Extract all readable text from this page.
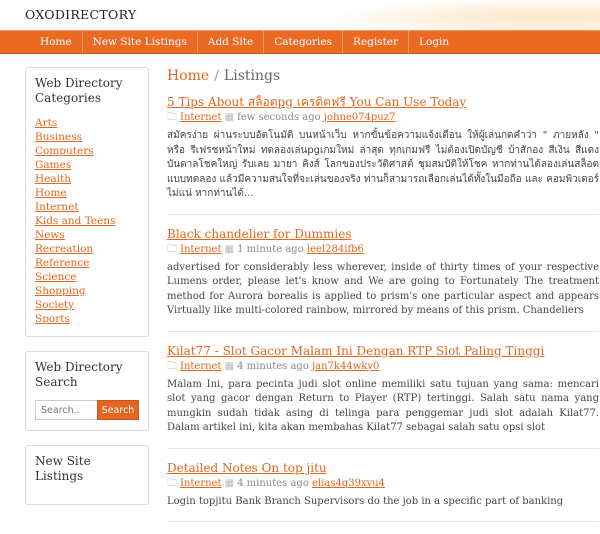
OXODIRECTORY
Home	New Site Listings	Add Site	Categories	Register	Login
Web Directory Categories
Arts
Business
Computers
Games
Health
Home
Internet
Kids and Teens
News
Recreation
Reference
Science
Shopping
Society
Sports
Web Directory Search
Search..
Search
New Site Listings
Home / Listings
5 Tips About สล็อตpg เครดิตฟรี You Can Use Today
🗀 Internet ▦ few seconds ago johne074puz7
สมัครง่าย ผ่านระบบอัตโนมัติ บนหน้าเว็บ หากขั้นข้อความแจ้งเตือน ให้ผู้เล่นกดคำว่า " ภายหลัง " หรือ รีเฟรชหน้าใหม่ ทดลองเล่นpgเกมใหม่ ล่าสุด ทุกเกมฟรี ไม่ต้องเปิดบัญชี บ้าสักอง สีเงิน สีแดง บันดาลโชคใหญ่ รับเลย มายา คิงส์ โลกของประวัติศาสต์ ชุมสมบัติให้โชค หากท่านได้ลองเล่นสล็อต แบบทดลอง แล้วมีความสนใจที่จะเล่นของจริง ท่านก็สามารถเลือกเล่นได้ทั้งในมือถือ และ คอมพิวเตอร์ ไม่แน่ หากท่านได้...
Black chandelier for Dummies
🗀 Internet ▦ 1 minute ago leel284ifb6
advertised for considerably less wherever, inside of thirty times of your respective Lumens order, please let's know and We are going to Fortunately The treatment method for Aurora borealis is applied to prism's one particular aspect and appears Virtually like multi-colored rainbow, mirrored by means of this prism. Chandeliers
Kilat77 - Slot Gacor Malam Ini Dengan RTP Slot Paling Tinggi
🗀 Internet ▦ 4 minutes ago jan7k44wky0
Malam Ini, para pecinta judi slot online memiliki satu tujuan yang sama: mencari slot yang gacor dengan Return to Player (RTP) tertinggi. Salah satu nama yang mungkin sudah tidak asing di telinga para penggemar judi slot adalah Kilat77. Dalam artikel ini, kita akan membahas Kilat77 sebagai salah satu opsi slot
Detailed Notes On top jitu
🗀 Internet ▦ 4 minutes ago elias4q39xvu4
Login topjitu Bank Branch Supervisors do the job in a specific part of banking
